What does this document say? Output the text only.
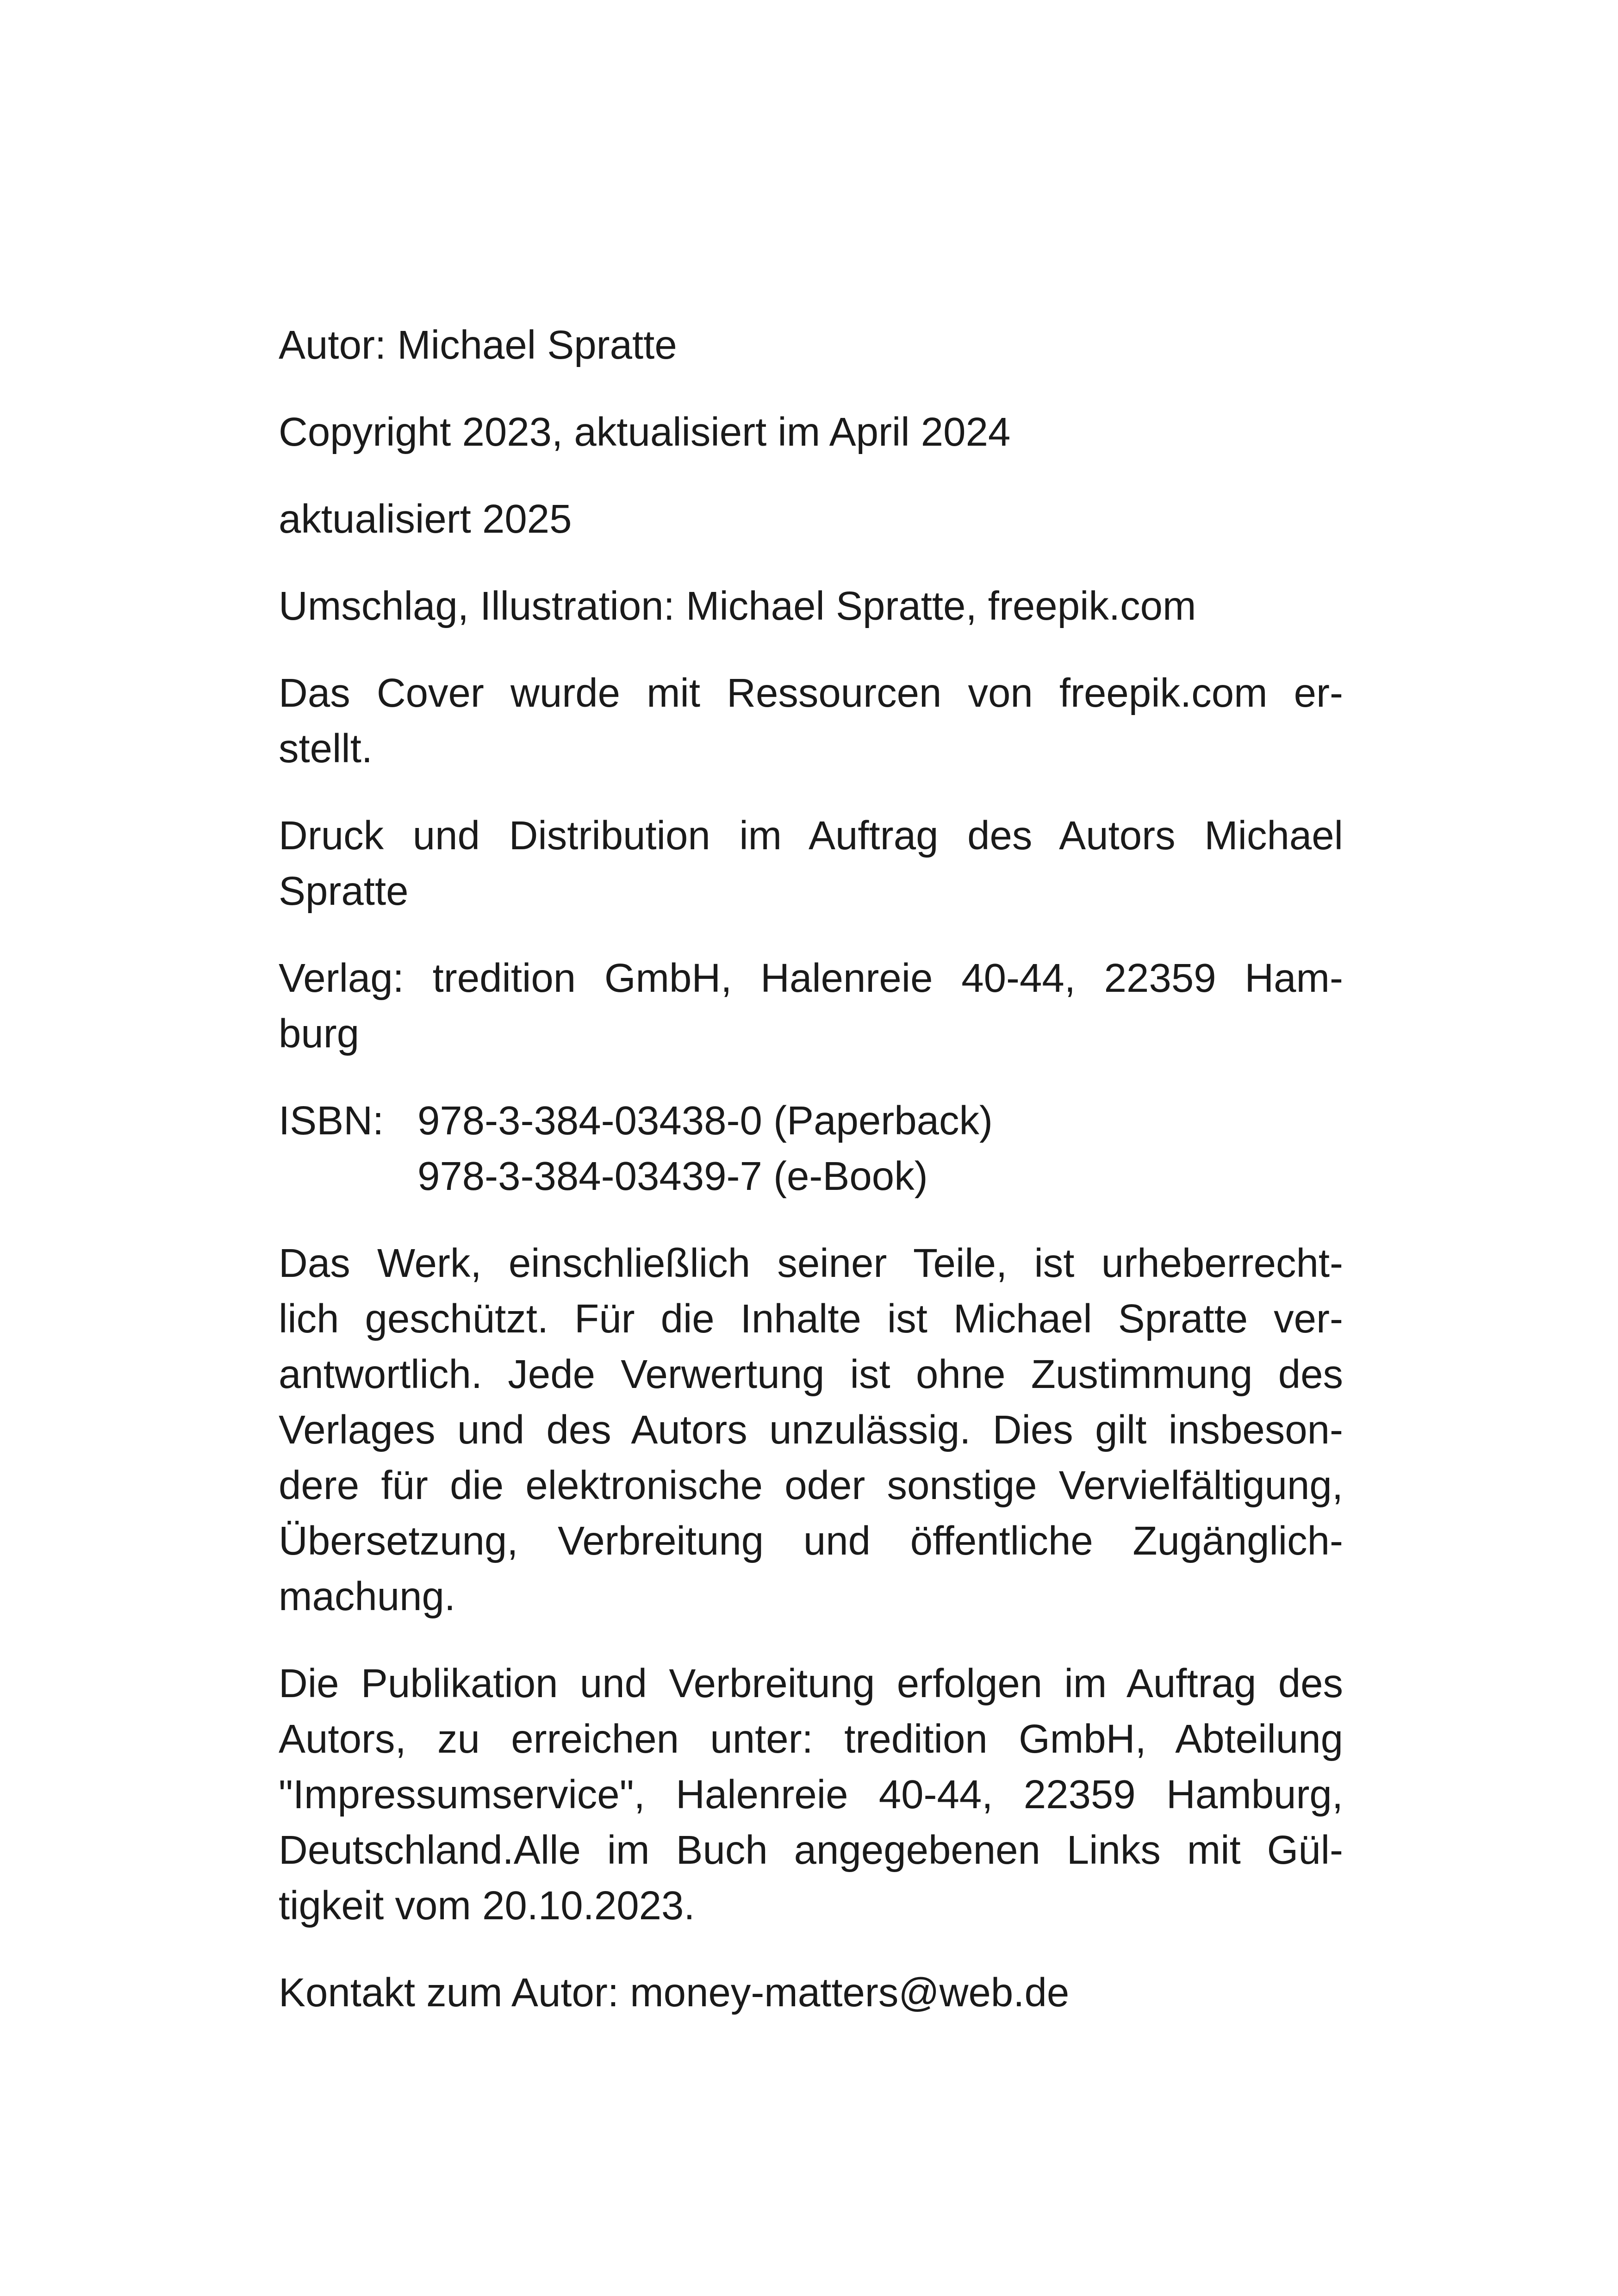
Autor: Michael Spratte
Copyright 2023, aktualisiert im April 2024
aktualisiert 2025
Umschlag, Illustration: Michael Spratte, freepik.com
Das Cover wurde mit Ressourcen von freepik.com er-
stellt.
Druck und Distribution im Auftrag des Autors Michael
Spratte
Verlag: tredition GmbH, Halenreie 40-44, 22359 Ham-
burg
ISBN: 978-3-384-03438-0 (Paperback)
978-3-384-03439-7 (e-Book)
Das Werk, einschließlich seiner Teile, ist urheberrecht-
lich geschützt. Für die Inhalte ist Michael Spratte ver-
antwortlich. Jede Verwertung ist ohne Zustimmung des
Verlages und des Autors unzulässig. Dies gilt insbeson-
dere für die elektronische oder sonstige Vervielfältigung,
Übersetzung, Verbreitung und öffentliche Zugänglich-
machung.
Die Publikation und Verbreitung erfolgen im Auftrag des
Autors, zu erreichen unter: tredition GmbH, Abteilung
"Impressumservice", Halenreie 40-44, 22359 Hamburg,
Deutschland.Alle im Buch angegebenen Links mit Gül-
tigkeit vom 20.10.2023.
Kontakt zum Autor: money-matters@web.de
